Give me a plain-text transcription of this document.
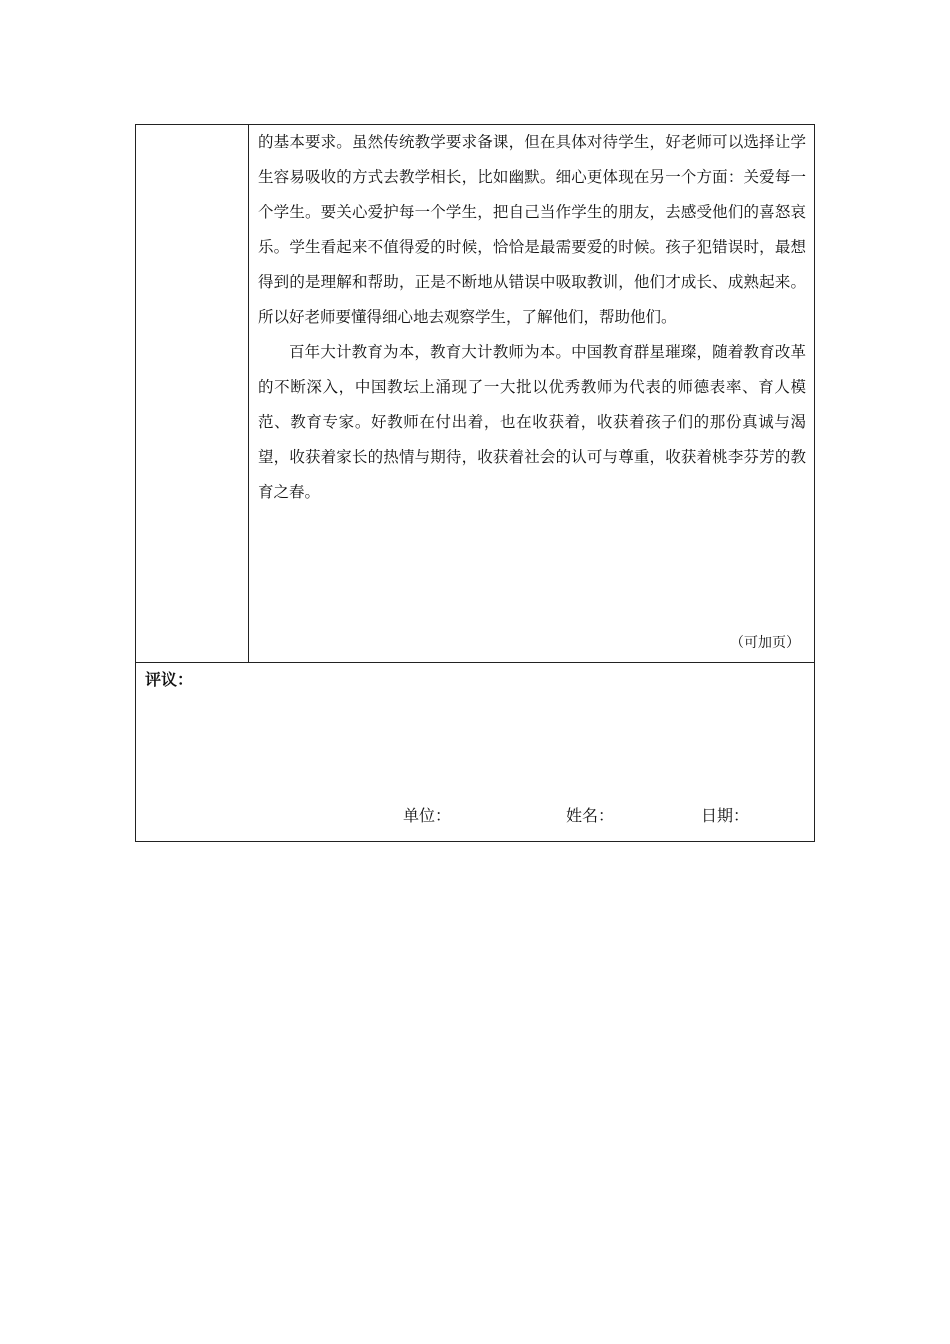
的基本要求。虽然传统教学要求备课，但在具体对待学生，好老师可以选择让学生容易吸收的方式去教学相长，比如幽默。细心更体现在另一个方面：关爱每一个学生。要关心爱护每一个学生，把自己当作学生的朋友，去感受他们的喜怒哀乐。学生看起来不值得爱的时候，恰恰是最需要爱的时候。孩子犯错误时，最想得到的是理解和帮助，正是不断地从错误中吸取教训，他们才成长、成熟起来。所以好老师要懂得细心地去观察学生，了解他们，帮助他们。

百年大计教育为本，教育大计教师为本。中国教育群星璀璨，随着教育改革的不断深入，中国教坛上涌现了一大批以优秀教师为代表的师德表率、育人模范、教育专家。好教师在付出着，也在收获着，收获着孩子们的那份真诚与渴望，收获着家长的热情与期待，收获着社会的认可与尊重，收获着桃李芬芳的教育之春。

（可加页）
评议：
单位：	姓名：	日期：
